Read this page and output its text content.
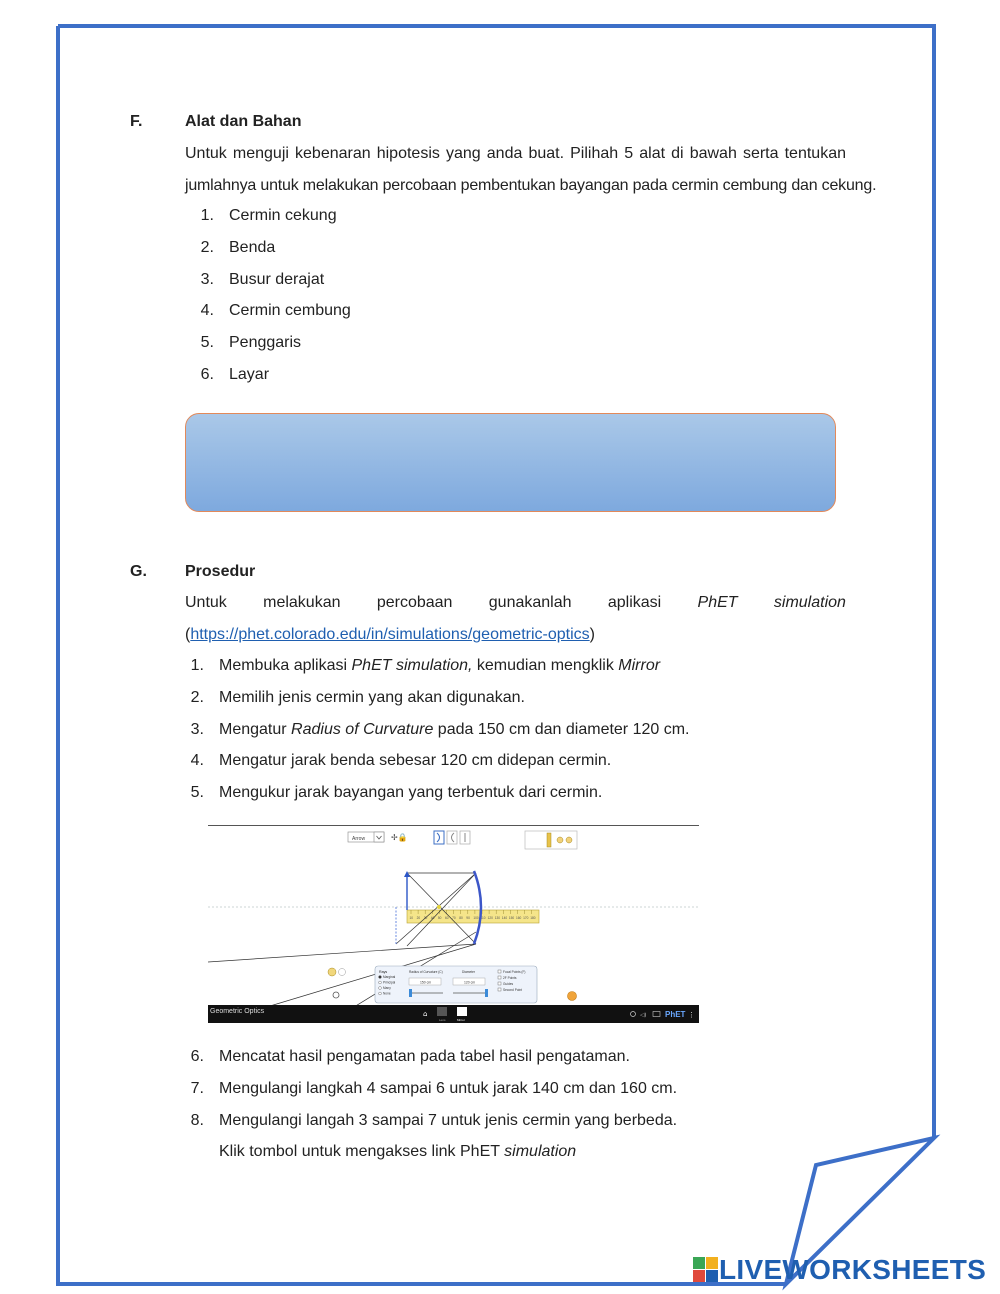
F.	Alat dan Bahan
Untuk menguji kebenaran hipotesis yang anda buat. Pilihah 5 alat di bawah serta tentukan
jumlahnya untuk melakukan percobaan pembentukan bayangan pada cermin cembung dan cekung.
1. Cermin cekung
2. Benda
3. Busur derajat
4. Cermin cembung
5. Penggaris
6. Layar
G. Prosedur
Untuk melakukan percobaan gunakanlah aplikasi PhET simulation
(https://phet.colorado.edu/in/simulations/geometric-optics)
1. Membuka aplikasi PhET simulation, kemudian mengklik Mirror
2. Memilih jenis cermin yang akan digunakan.
3. Mengatur Radius of Curvature pada 150 cm dan diameter 120 cm.
4. Mengatur jarak benda sebesar 120 cm didepan cermin.
5. Mengukur jarak bayangan yang terbentuk dari cermin.
Arrow	✢🔒
10 20 30 40 50 60 70 80 90 100 110 120 130 140 150 160 170 180
Rays
Marginal
Principal
Many
None
Radius of Curvature (C)	Diameter
150 cm	120 cm
Focal Points (F)
2F Points
Guides
Second Point
Geometric Optics	⌂
Lens	Mirror
◁) PhET ⋮
6. Mencatat hasil pengamatan pada tabel hasil pengataman.
7. Mengulangi langkah 4 sampai 6 untuk jarak 140 cm dan 160 cm.
8. Mengulangi langah 3 sampai 7 untuk jenis cermin yang berbeda.
Klik tombol untuk mengakses link PhET simulation
LIVEWORKSHEETS
